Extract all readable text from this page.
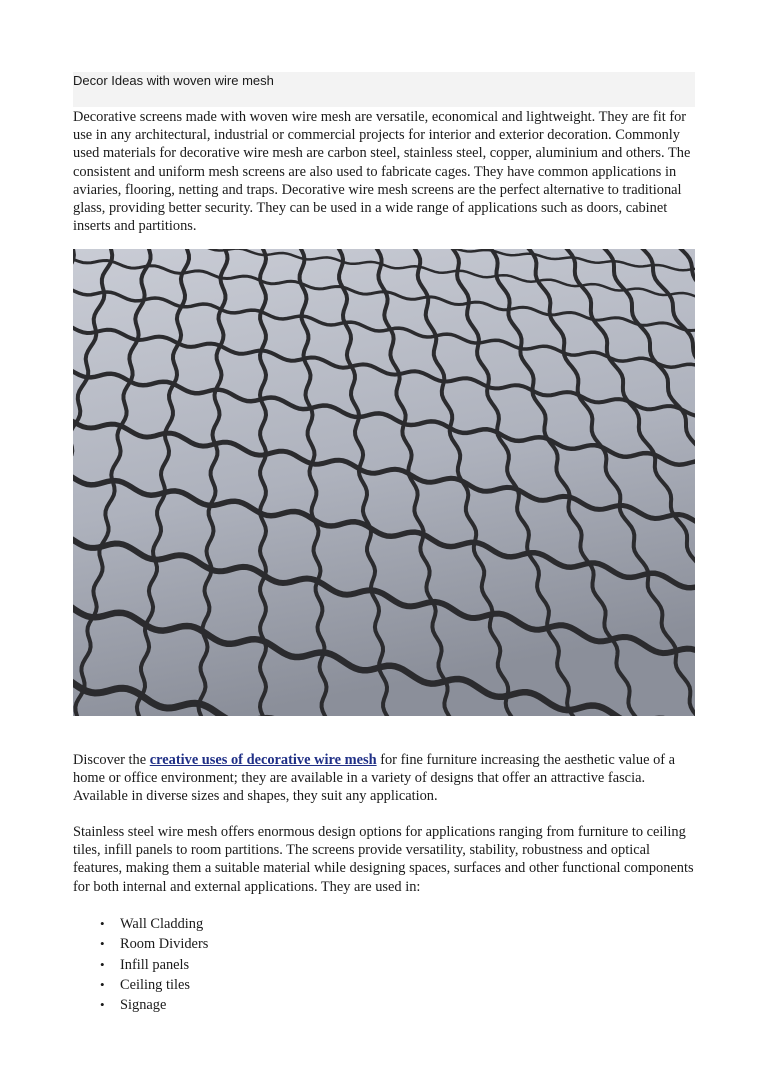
Decor Ideas with woven wire mesh

Decorative screens made with woven wire mesh are versatile, economical and lightweight. They are fit for use in any architectural, industrial or commercial projects for interior and exterior decoration. Commonly used materials for decorative wire mesh are carbon steel, stainless steel, copper, aluminium and others. The consistent and uniform mesh screens are also used to fabricate cages. They have common applications in aviaries, flooring, netting and traps. Decorative wire mesh screens are the perfect alternative to traditional glass, providing better security. They can be used in a wide range of applications such as doors, cabinet inserts and partitions.

Discover the creative uses of decorative wire mesh for fine furniture increasing the aesthetic value of a home or office environment; they are available in a variety of designs that offer an attractive fascia. Available in diverse sizes and shapes, they suit any application.

Stainless steel wire mesh offers enormous design options for applications ranging from furniture to ceiling tiles, infill panels to room partitions. The screens provide versatility, stability, robustness and optical features, making them a suitable material while designing spaces, surfaces and other functional components for both internal and external applications. They are used in:

• Wall Cladding
• Room Dividers
• Infill panels
• Ceiling tiles
• Signage
